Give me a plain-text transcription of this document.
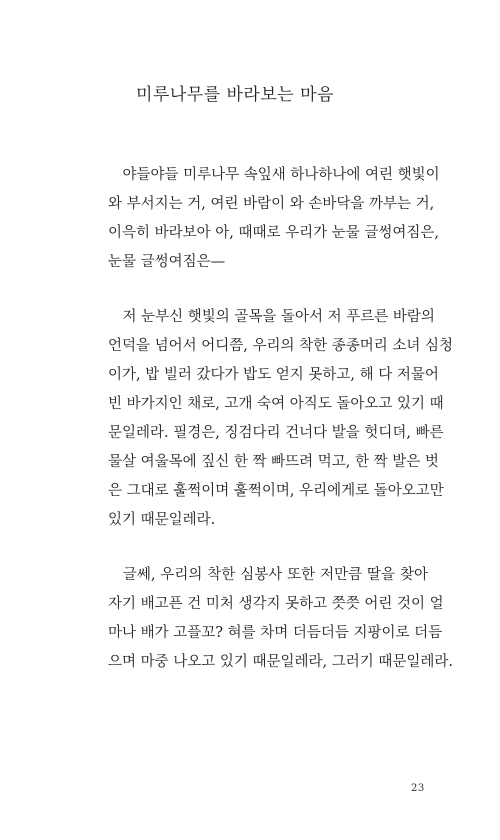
미루나무를 바라보는 마음
　야들야들 미루나무 속잎새 하나하나에 여린 햇빛이
와 부서지는 거, 여린 바람이 와 손바닥을 까부는 거,
이윽히 바라보아 아, 때때로 우리가 눈물 글썽여짐은,
눈물 글썽여짐은—
　저 눈부신 햇빛의 골목을 돌아서 저 푸르른 바람의
언덕을 넘어서 어디쯤, 우리의 착한 종종머리 소녀 심청
이가, 밥 빌러 갔다가 밥도 얻지 못하고, 해 다 저물어
빈 바가지인 채로, 고개 숙여 아직도 돌아오고 있기 때
문일레라. 필경은, 징검다리 건너다 발을 헛디뎌, 빠른
물살 여울목에 짚신 한 짝 빠뜨려 먹고, 한 짝 발은 벗
은 그대로 훌쩍이며 훌쩍이며, 우리에게로 돌아오고만
있기 때문일레라.
　글쎄, 우리의 착한 심봉사 또한 저만큼 딸을 찾아
자기 배고픈 건 미처 생각지 못하고 쯧쯧 어린 것이 얼
마나 배가 고플꼬? 혀를 차며 더듬더듬 지팡이로 더듬
으며 마중 나오고 있기 때문일레라, 그러기 때문일레라.
23
